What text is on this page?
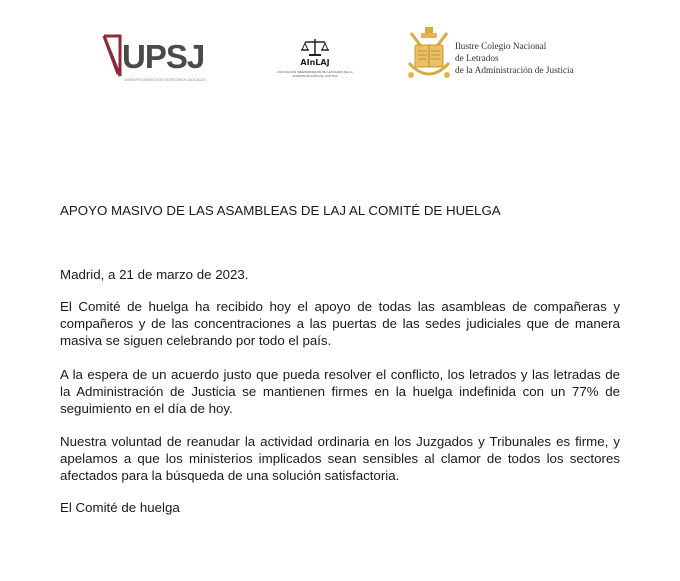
UPSJ
UNIÓN PROGRESISTA DE SECRETARIOS JUDICIALES
AInLAJ
ASOCIACIÓN INDEPENDIENTE DE LETRADOS DE LA ADMINISTRACIÓN DE JUSTICIA
Ilustre Colegio Nacional
de Letrados
de la Administración de Justicia
APOYO MASIVO DE LAS ASAMBLEAS DE LAJ AL COMITÉ DE HUELGA
Madrid, a 21 de marzo de 2023.
El Comité de huelga ha recibido hoy el apoyo de todas las asambleas de compañeras y compañeros y de las concentraciones a las puertas de las sedes judiciales que de manera masiva se siguen celebrando por todo el país.
A la espera de un acuerdo justo que pueda resolver el conflicto, los letrados y las letradas de la Administración de Justicia se mantienen firmes en la huelga indefinida con un 77% de seguimiento en el día de hoy.
Nuestra voluntad de reanudar la actividad ordinaria en los Juzgados y Tribunales es firme, y apelamos a que los ministerios implicados sean sensibles al clamor de todos los sectores afectados para la búsqueda de una solución satisfactoria.
El Comité de huelga
